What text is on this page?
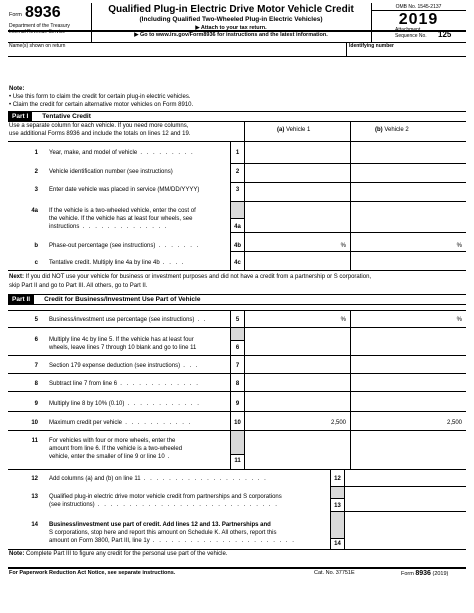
Form 8936
Department of the Treasury
Internal Revenue Service
Qualified Plug-in Electric Drive Motor Vehicle Credit
(Including Qualified Two-Wheeled Plug-in Electric Vehicles)
▶ Attach to your tax return.
▶ Go to www.irs.gov/Form8936 for instructions and the latest information.
OMB No. 1545-2137
2019
Attachment
Sequence No. 125
Name(s) shown on return	Identifying number
Note:
• Use this form to claim the credit for certain plug-in electric vehicles.
• Claim the credit for certain alternative motor vehicles on Form 8910.
Part I	Tentative Credit
Use a separate column for each vehicle. If you need more columns,
use additional Forms 8936 and include the totals on lines 12 and 19.
(a) Vehicle 1	(b) Vehicle 2
1	Year, make, and model of vehicle . . . . . . . . .	1
2	Vehicle identification number (see instructions)	2
3	Enter date vehicle was placed in service (MM/DD/YYYY)	3
4a	If the vehicle is a two-wheeled vehicle, enter the cost of
the vehicle. If the vehicle has at least four wheels, see
instructions . . . . . . . . . . . . . .	4a
b	Phase-out percentage (see instructions) . . . . . . .	4b	%	%
c	Tentative credit. Multiply line 4a by line 4b . . . .	4c
Next: If you did NOT use your vehicle for business or investment purposes and did not have a credit from a partnership or S corporation,
skip Part II and go to Part III. All others, go to Part II.
Part II	Credit for Business/Investment Use Part of Vehicle
5	Business/investment use percentage (see instructions) . .	5	%	%
6	Multiply line 4c by line 5. If the vehicle has at least four
wheels, leave lines 7 through 10 blank and go to line 11	6
7	Section 179 expense deduction (see instructions) . . .	7
8	Subtract line 7 from line 6 . . . . . . . . . . . . .	8
9	Multiply line 8 by 10% (0.10) . . . . . . . . . . . .	9
10	Maximum credit per vehicle . . . . . . . . . . .	10	2,500	2,500
11	For vehicles with four or more wheels, enter the
amount from line 6. If the vehicle is a two-wheeled
vehicle, enter the smaller of line 9 or line 10 .
11
12	Add columns (a) and (b) on line 11 . . . . . . . . . . . . . . . . . . . .	12
13	Qualified plug-in electric drive motor vehicle credit from partnerships and S corporations
(see instructions) . . . . . . . . . . . . . . . . . . . . . . . . . . . . .	13
14	Business/investment use part of credit. Add lines 12 and 13. Partnerships and
S corporations, stop here and report this amount on Schedule K. All others, report this
amount on Form 3800, Part III, line 1y . . . . . . . . . . . . . . . . . . . . . . .	14
Note: Complete Part III to figure any credit for the personal use part of the vehicle.
For Paperwork Reduction Act Notice, see separate instructions.	Cat. No. 37751E	Form 8936 (2019)
